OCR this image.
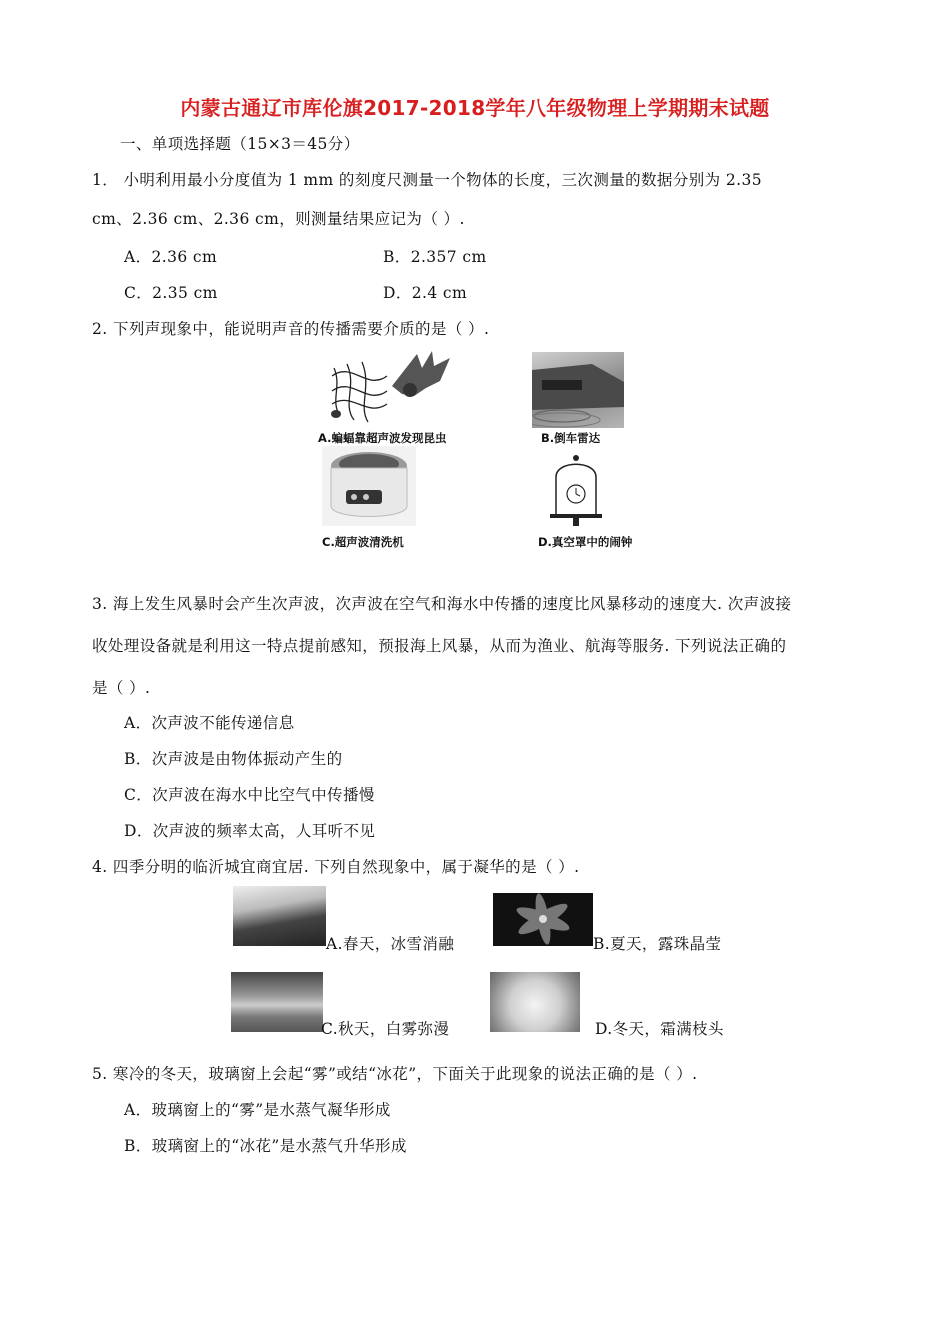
内蒙古通辽市库伦旗2017-2018学年八年级物理上学期期末试题
一、单项选择题（15×3＝45分）
1． 小明利用最小分度值为 1 mm 的刻度尺测量一个物体的长度，三次测量的数据分别为 2.35
cm、2.36 cm、2.36 cm，则测量结果应记为（ ）.
A．2.36 cm	B．2.357 cm
C．2.35 cm	D．2.4 cm
2. 下列声现象中，能说明声音的传播需要介质的是（ ）.
A.蝙蝠靠超声波发现昆虫	B.倒车雷达
C.超声波清洗机	D.真空罩中的闹钟
3. 海上发生风暴时会产生次声波，次声波在空气和海水中传播的速度比风暴移动的速度大. 次声波接
收处理设备就是利用这一特点提前感知，预报海上风暴，从而为渔业、航海等服务. 下列说法正确的
是（ ）.
A．次声波不能传递信息
B．次声波是由物体振动产生的
C．次声波在海水中比空气中传播慢
D．次声波的频率太高，人耳听不见
4. 四季分明的临沂城宜商宜居. 下列自然现象中，属于凝华的是（ ）.
A.春天，冰雪消融	B.夏天，露珠晶莹
C.秋天，白雾弥漫	D.冬天，霜满枝头
5. 寒冷的冬天，玻璃窗上会起“雾”或结“冰花”，下面关于此现象的说法正确的是（ ）.
A．玻璃窗上的“雾”是水蒸气凝华形成
B．玻璃窗上的“冰花”是水蒸气升华形成
